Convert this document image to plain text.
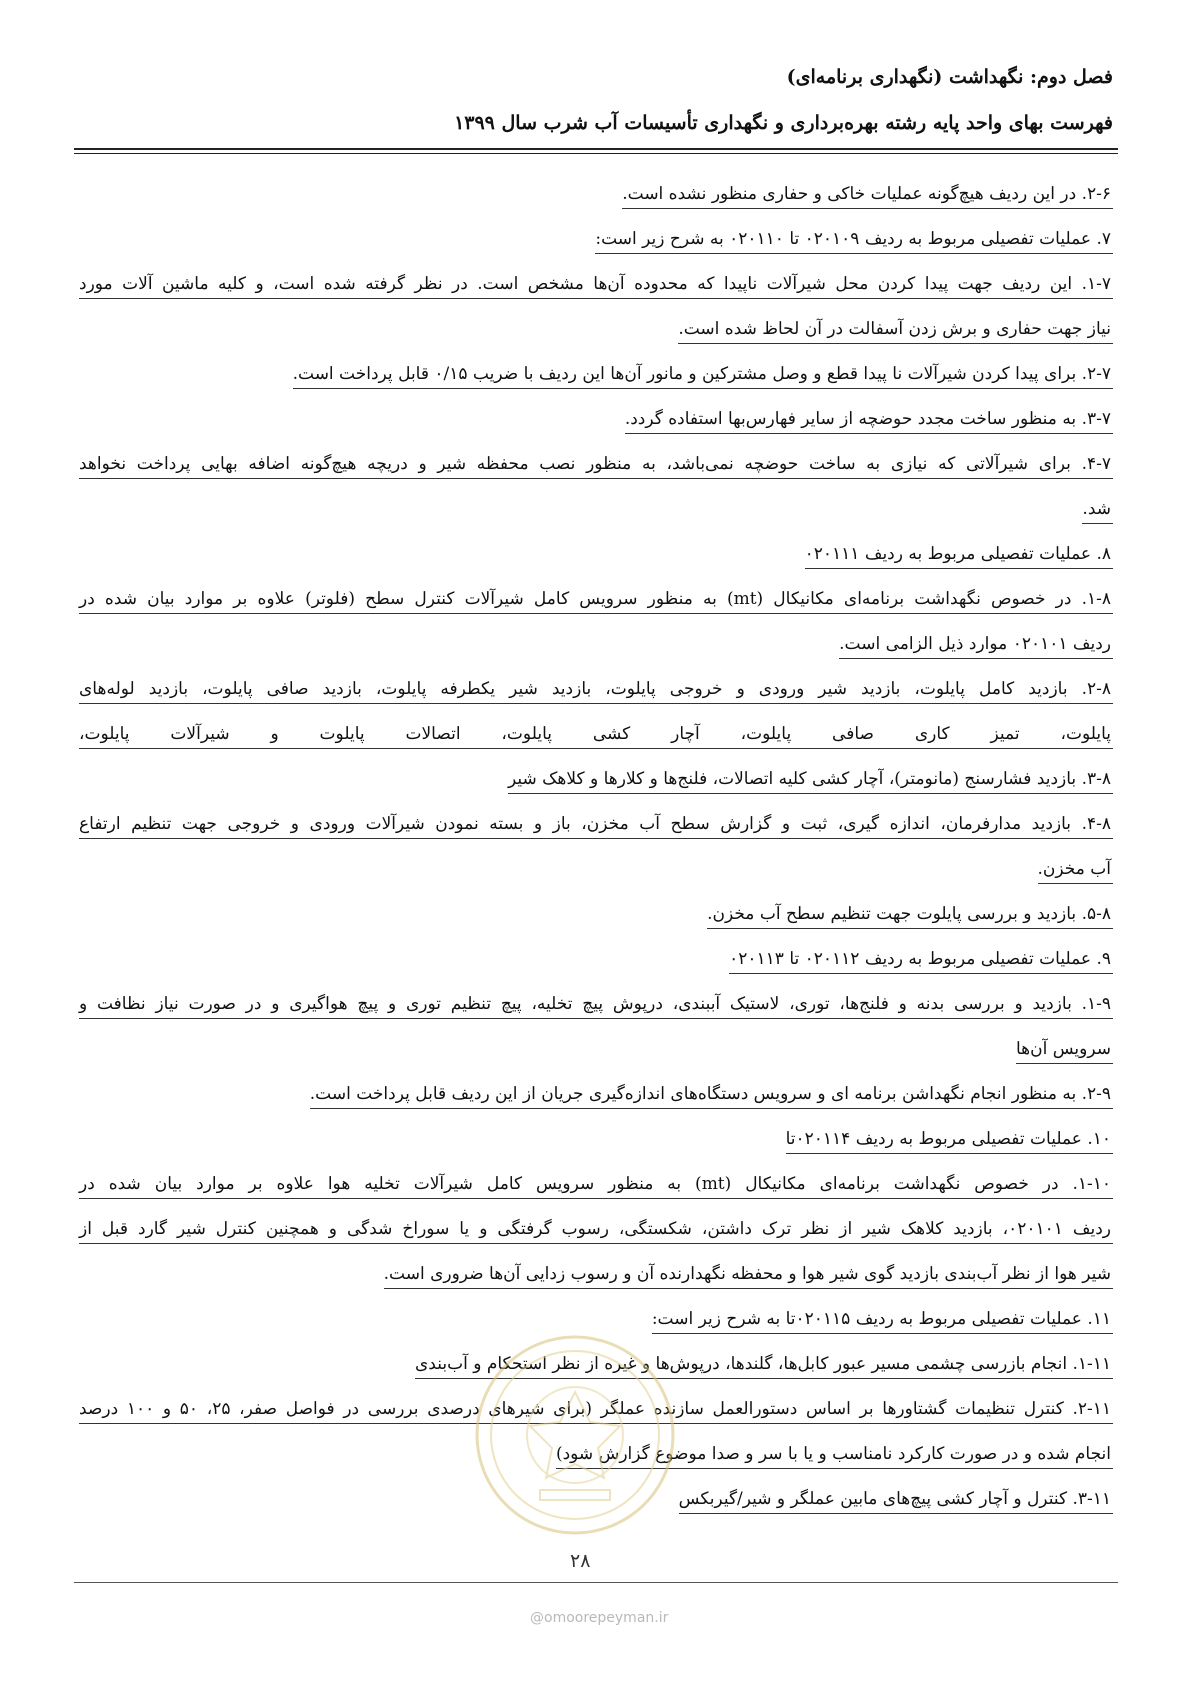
فصل دوم: نگهداشت (نگهداری برنامه‌ای)
فهرست بهای واحد پایه رشته بهره‌برداری و نگهداری تأسیسات آب شرب سال ۱۳۹۹
۲-۶. در این ردیف هیچ‌گونه عملیات خاکی و حفاری منظور نشده است.
۷. عملیات تفصیلی مربوط به ردیف ۰۲۰۱۰۹ تا ۰۲۰۱۱۰ به شرح زیر است:
۱-۷. این ردیف جهت پیدا کردن محل شیرآلات ناپیدا که محدوده آن‌ها مشخص است. در نظر گرفته شده است، و کلیه ماشین آلات مورد
نیاز جهت حفاری و برش زدن آسفالت در آن لحاظ شده است.
۲-۷. برای پیدا کردن شیرآلات نا پیدا قطع و وصل مشترکین و مانور آن‌ها این ردیف با ضریب ۰/۱۵ قابل پرداخت است.
۳-۷. به منظور ساخت مجدد حوضچه از سایر فهارس‌بها استفاده گردد.
۴-۷. برای شیرآلاتی که نیازی به ساخت حوضچه نمی‌باشد، به منظور نصب محفظه شیر و دریچه هیچ‌گونه اضافه بهایی پرداخت نخواهد
شد.
۸. عملیات تفصیلی مربوط به ردیف ۰۲۰۱۱۱
۱-۸. در خصوص نگهداشت برنامه‌ای مکانیکال (mt) به منظور سرویس کامل شیرآلات کنترل سطح (فلوتر) علاوه بر موارد بیان شده در
ردیف ۰۲۰۱۰۱ موارد ذیل الزامی است.
۲-۸. بازدید کامل پایلوت، بازدید شیر ورودی و خروجی پایلوت، بازدید شیر یکطرفه پایلوت، بازدید صافی پایلوت، بازدید لوله‌های
پایلوت، تمیز کاری صافی پایلوت، آچار کشی پایلوت، اتصالات پایلوت و شیرآلات پایلوت،
۳-۸. بازدید فشارسنج (مانومتر)، آچار کشی کلیه اتصالات، فلنج‌ها و کلارها و کلاهک شیر
۴-۸. بازدید مدارفرمان، اندازه گیری، ثبت و گزارش سطح آب مخزن، باز و بسته نمودن شیرآلات ورودی و خروجی جهت تنظیم ارتفاع
آب مخزن.
۵-۸. بازدید و بررسی پایلوت جهت تنظیم سطح آب مخزن.
۹. عملیات تفصیلی مربوط به ردیف ۰۲۰۱۱۲ تا ۰۲۰۱۱۳
۱-۹. بازدید و بررسی بدنه و فلنج‌ها، توری، لاستیک آببندی، درپوش پیچ تخلیه، پیچ تنظیم توری و پیچ هواگیری و در صورت نیاز نظافت و
سرویس آن‌ها
۲-۹. به منظور انجام نگهداشن برنامه ای و سرویس دستگاه‌های اندازه‌گیری جریان از این ردیف قابل پرداخت است.
۱۰. عملیات تفصیلی مربوط به ردیف ۰۲۰۱۱۴تا
۱-۱۰. در خصوص نگهداشت برنامه‌ای مکانیکال (mt) به منظور سرویس کامل شیرآلات تخلیه هوا علاوه بر موارد بیان شده در
ردیف ۰۲۰۱۰۱، بازدید کلاهک شیر از نظر ترک داشتن، شکستگی، رسوب گرفتگی و یا سوراخ شدگی و همچنین کنترل شیر گارد قبل از
شیر هوا از نظر آب‌بندی بازدید گوی شیر هوا و محفظه نگهدارنده آن و رسوب زدایی آن‌ها ضروری است.
۱۱. عملیات تفصیلی مربوط به ردیف ۰۲۰۱۱۵تا به شرح زیر است:
۱-۱۱. انجام بازرسی چشمی مسیر عبور کابل‌ها، گلندها، درپوش‌ها و غیره از نظر استحکام و آب‌بندی
۲-۱۱. کنترل تنظیمات گشتاورها بر اساس دستورالعمل سازنده عملگر (برای شیرهای درصدی بررسی در فواصل صفر، ۲۵، ۵۰ و ۱۰۰ درصد
انجام شده و در صورت کارکرد نامناسب و یا با سر و صدا موضوع گزارش شود)
۳-۱۱. کنترل و آچار کشی پیچ‌های مابین عملگر و شیر/گیربکس
۲۸
@omoorepeyman.ir
